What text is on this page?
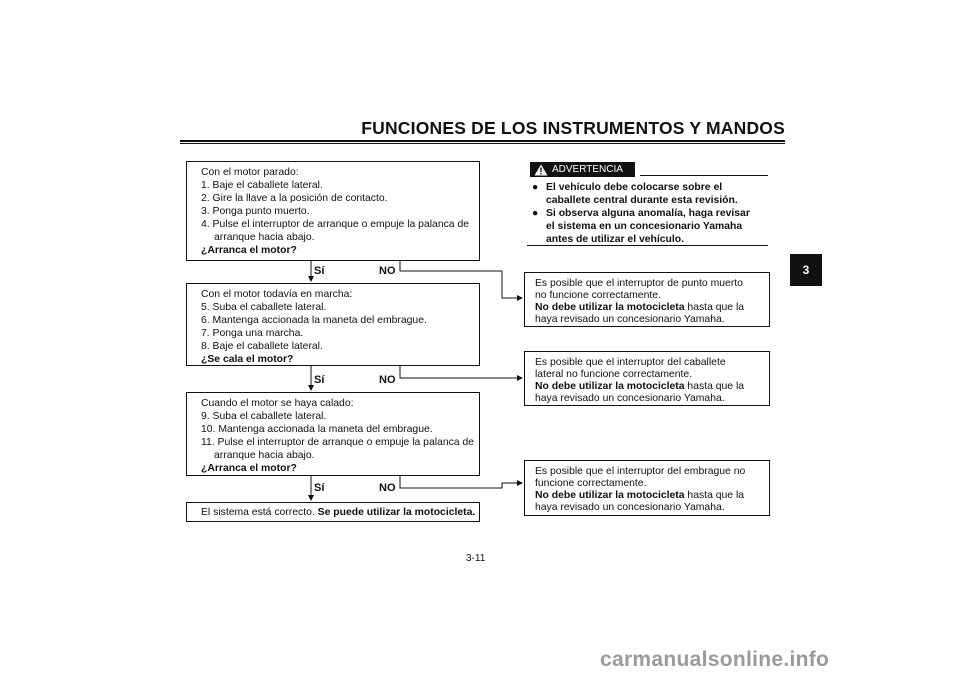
FUNCIONES DE LOS INSTRUMENTOS Y MANDOS
3
Con el motor parado:
1. Baje el caballete lateral.
2. Gire la llave a la posición de contacto.
3. Ponga punto muerto.
4. Pulse el interruptor de arranque o empuje la palanca de
arranque hacia abajo.
¿Arranca el motor?
Sí	NO
Con el motor todavía en marcha:
5. Suba el caballete lateral.
6. Mantenga accionada la maneta del embrague.
7. Ponga una marcha.
8. Baje el caballete lateral.
¿Se cala el motor?
Sí	NO
Cuando el motor se haya calado:
9. Suba el caballete lateral.
10. Mantenga accionada la maneta del embrague.
11. Pulse el interruptor de arranque o empuje la palanca de
arranque hacia abajo.
¿Arranca el motor?
Sí	NO
El sistema está correcto. Se puede utilizar la motocicleta.
ADVERTENCIA
● El vehículo debe colocarse sobre el
caballete central durante esta revisión.
● Si observa alguna anomalía, haga revisar
el sistema en un concesionario Yamaha
antes de utilizar el vehículo.
Es posible que el interruptor de punto muerto
no funcione correctamente.
No debe utilizar la motocicleta hasta que la
haya revisado un concesionario Yamaha.
Es posible que el interruptor del caballete
lateral no funcione correctamente.
No debe utilizar la motocicleta hasta que la
haya revisado un concesionario Yamaha.
Es posible que el interruptor del embrague no
funcione correctamente.
No debe utilizar la motocicleta hasta que la
haya revisado un concesionario Yamaha.
3-11
carmanualsonline.info
